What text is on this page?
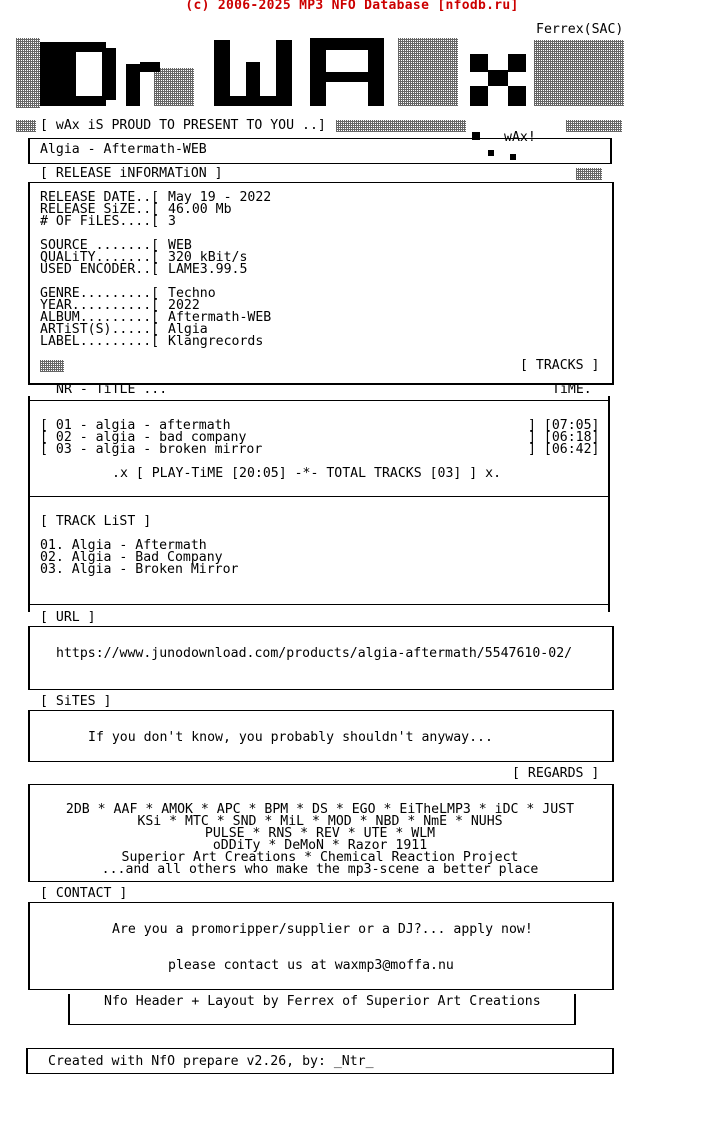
(c) 2006-2025 MP3 NFO Database [nfodb.ru]
Ferrex(SAC)
[ wAx iS PROUD TO PRESENT TO YOU ..]
wAx!
Algia - Aftermath-WEB
[ RELEASE iNFORMATiON ]
RELEASE DATE..[ May 19 - 2022
RELEASE SiZE..[ 46.00 Mb
# OF FiLES....[ 3
SOURCE .......[ WEB
QUALiTY.......[ 320 kBit/s
USED ENCODER..[ LAME3.99.5
GENRE.........[ Techno
YEAR..........[ 2022
ALBUM.........[ Aftermath-WEB
ARTiST(S).....[ Algia
LABEL.........[ Klangrecords
[ TRACKS ]
NR - TiTLE ...	TiME.
[ 01 - algia - aftermath	] [07:05]
[ 02 - algia - bad company	] [06:18]
[ 03 - algia - broken mirror	] [06:42]
.x [ PLAY-TiME [20:05] -*- TOTAL TRACKS [03] ] x.
[ TRACK LiST ]
01. Algia - Aftermath
02. Algia - Bad Company
03. Algia - Broken Mirror
[ URL ]
https://www.junodownload.com/products/algia-aftermath/5547610-02/
[ SiTES ]
If you don't know, you probably shouldn't anyway...
[ REGARDS ]
2DB * AAF * AMOK * APC * BPM * DS * EGO * EiTheLMP3 * iDC * JUST
KSi * MTC * SND * MiL * MOD * NBD * NmE * NUHS
PULSE * RNS * REV * UTE * WLM
oDDiTy * DeMoN * Razor 1911
Superior Art Creations * Chemical Reaction Project
...and all others who make the mp3-scene a better place
[ CONTACT ]
Are you a promoripper/supplier or a DJ?... apply now!
please contact us at waxmp3@moffa.nu
Nfo Header + Layout by Ferrex of Superior Art Creations
Created with NfO prepare v2.26, by: _Ntr_
